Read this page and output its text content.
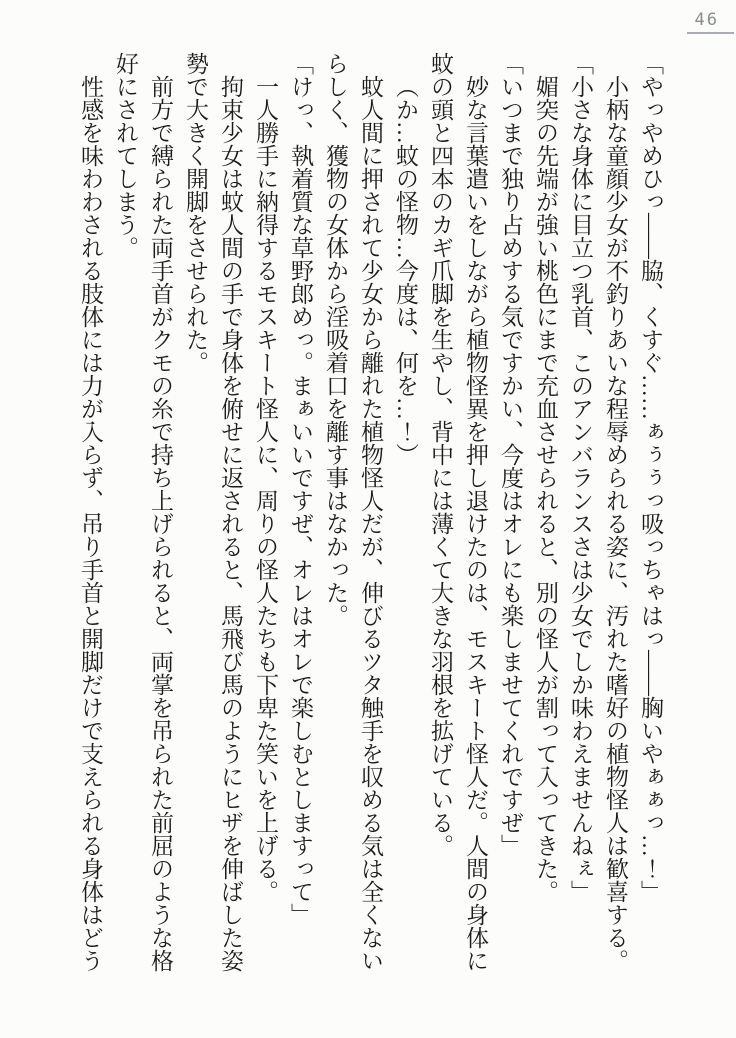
46

「やっやめひっ――脇、くすぐ……ぁぅぅっ吸っちゃはっ――胸いやぁぁっ…！」

小柄な童顔少女が不釣りあいな程辱められる姿に、汚れた嗜好の植物怪人は歓喜する。

「小さな身体に目立つ乳首、このアンバランスさは少女でしか味わえませんねぇ」

媚突の先端が強い桃色にまで充血させられると、別の怪人が割って入ってきた。

「いつまで独り占めする気ですかい、今度はオレにも楽しませてくれですぜ」

妙な言葉遣いをしながら植物怪異を押し退けたのは、モスキート怪人だ。人間の身体に蚊の頭と四本のカギ爪脚を生やし、背中には薄くて大きな羽根を拡げている。

（か…蚊の怪物…今度は、何を…！）

蚊人間に押されて少女から離れた植物怪人だが、伸びるツタ触手を収める気は全くないらしく、獲物の女体から淫吸着口を離す事はなかった。

「けっ、執着質な草野郎めっ。まぁいいですぜ、オレはオレで楽しむとしますって」

一人勝手に納得するモスキート怪人に、周りの怪人たちも下卑た笑いを上げる。

拘束少女は蚊人間の手で身体を俯せに返されると、馬飛び馬のようにヒザを伸ばした姿勢で大きく開脚をさせられた。

前方で縛られた両手首がクモの糸で持ち上げられると、両掌を吊られた前屈のような格好にされてしまう。

性感を味わわされる肢体には力が入らず、吊り手首と開脚だけで支えられる身体はどう
